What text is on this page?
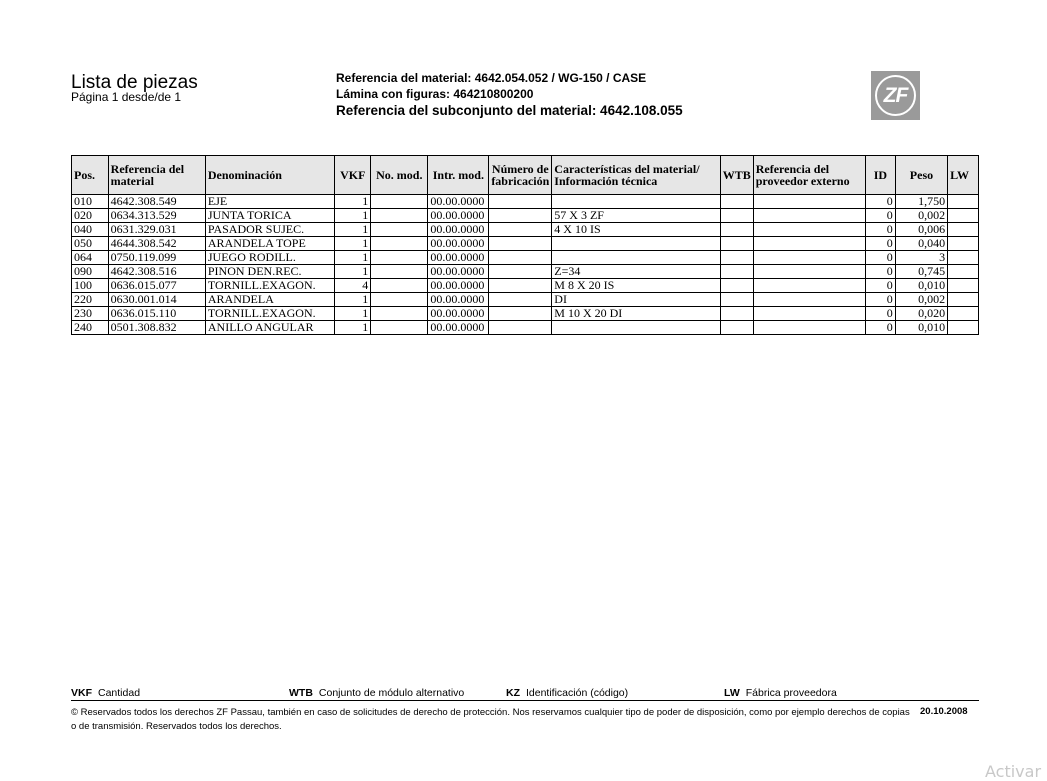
Lista de piezas
Página 1 desde/de 1
Referencia del material: 4642.054.052 / WG-150 / CASE
Lámina con figuras: 464210800200
Referencia del subconjunto del material: 4642.108.055
ZF
Pos.	Referencia del material	Denominación	VKF	No. mod.	Intr. mod.	Número de fabricación	Características del material/ Información técnica	WTB	Referencia del proveedor externo	ID	Peso	LW
010	4642.308.549	EJE	1		00.00.0000					0	1,750	
020	0634.313.529	JUNTA TORICA	1		00.00.0000		57 X 3 ZF			0	0,002	
040	0631.329.031	PASADOR SUJEC.	1		00.00.0000		4 X 10 IS			0	0,006	
050	4644.308.542	ARANDELA TOPE	1		00.00.0000					0	0,040	
064	0750.119.099	JUEGO RODILL.	1		00.00.0000					0	3	
090	4642.308.516	PINON DEN.REC.	1		00.00.0000		Z=34			0	0,745	
100	0636.015.077	TORNILL.EXAGON.	4		00.00.0000		M 8 X 20 IS			0	0,010	
220	0630.001.014	ARANDELA	1		00.00.0000		DI			0	0,002	
230	0636.015.110	TORNILL.EXAGON.	1		00.00.0000		M 10 X 20 DI			0	0,020	
240	0501.308.832	ANILLO ANGULAR	1		00.00.0000					0	0,010	
VKF Cantidad	WTB Conjunto de módulo alternativo	KZ Identificación (código)	LW Fábrica proveedora
© Reservados todos los derechos ZF Passau, también en caso de solicitudes de derecho de protección. Nos reservamos cualquier tipo de poder de disposición, como por ejemplo derechos de copias o de transmisión. Reservados todos los derechos.
20.10.2008
Activar
